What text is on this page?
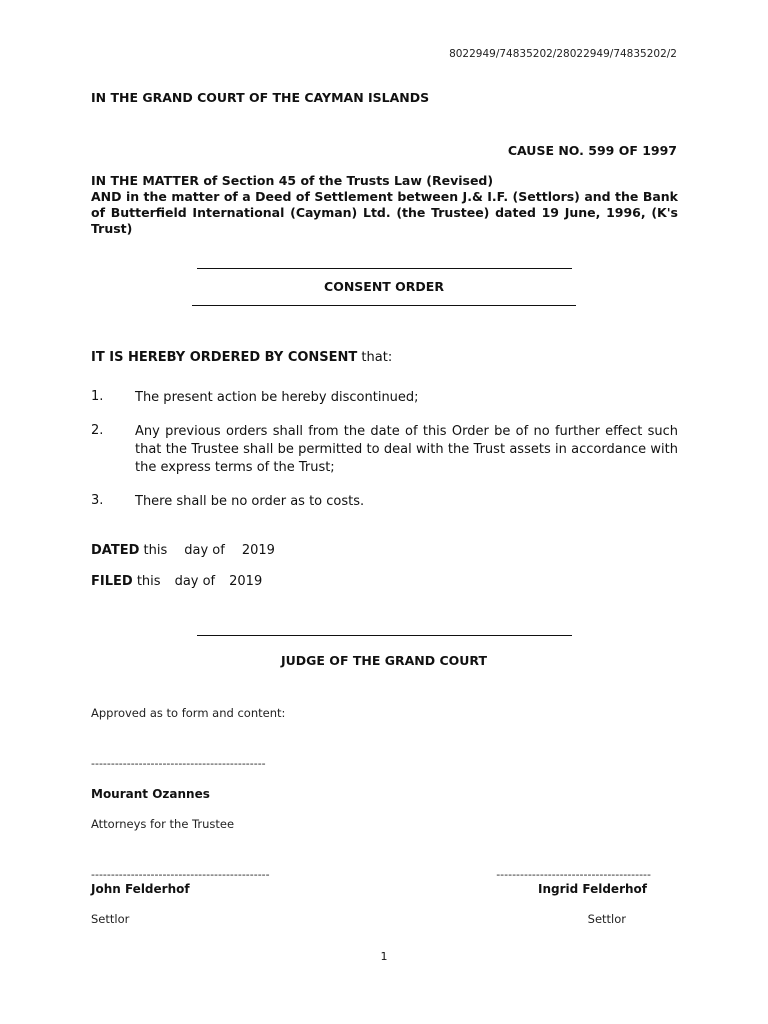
8022949/74835202/28022949/74835202/2
IN THE GRAND COURT OF THE CAYMAN ISLANDS
CAUSE NO. 599 OF 1997
IN THE MATTER of Section 45 of the Trusts Law (Revised)
AND in the matter of a Deed of Settlement between J.& I.F. (Settlors) and the Bank of Butterfield International (Cayman) Ltd. (the Trustee) dated 19 June, 1996, (K's Trust)
CONSENT ORDER
IT IS HEREBY ORDERED BY CONSENT that:
1. The present action be hereby discontinued;
2. Any previous orders shall from the date of this Order be of no further effect such that the Trustee shall be permitted to deal with the Trust assets in accordance with the express terms of the Trust;
3. There shall be no order as to costs.
DATED this day of 2019
FILED this day of 2019
JUDGE OF THE GRAND COURT
Approved as to form and content:
--------------------------------------------
Mourant Ozannes
Attorneys for the Trustee
---------------------------------------------
John Felderhof
Settlor
---------------------------------------
Ingrid Felderhof
Settlor
1
